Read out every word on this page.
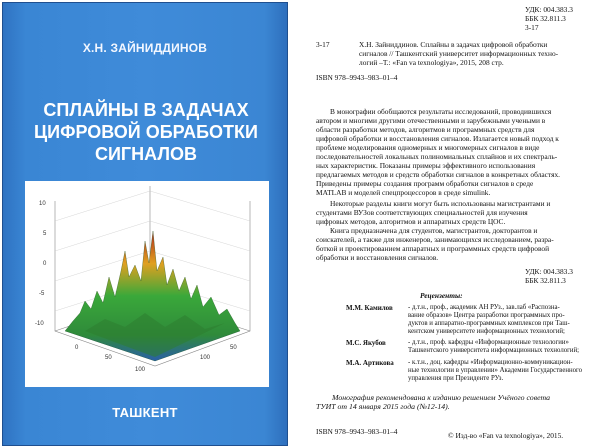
Х.Н. ЗАЙНИДДИНОВ
СПЛАЙНЫ В ЗАДАЧАХ
ЦИФРОВОЙ ОБРАБОТКИ
СИГНАЛОВ
10
5
0
-5
-10
0
50
100
100
50
ТАШКЕНТ
УДК: 004.383.3
ББК 32.811.3
3-17
3-17	Х.Н. Зайниддинов. Сплайны в задачах цифровой обработки
сигналов // Ташкентский университет информационных техно-
логий –Т.: «Fan va texnologiya», 2015, 208 стр.
ISBN 978–9943–983–01–4
В монографии обобщаются результаты исследований, проводившихся
автором и многими другими отечественными и зарубежными учеными в
области разработки методов, алгоритмов и программных средств для
цифровой обработки и восстановления сигналов. Излагается новый подход к
проблеме моделирования одномерных и многомерных сигналов в виде
последовательностей локальных полиномиальных сплайнов и их спектраль-
ных характеристик. Показаны примеры эффективного использования
предлагаемых методов и средств обработки сигналов в конкретных областях.
Приведены примеры создания программ обработки сигналов в среде
MATLAB и моделей спецпроцессоров в среде simulink.
Некоторые разделы книги могут быть использованы магистрантами и
студентами ВУЗов соответствующих специальностей для изучения
цифровых методов, алгоритмов и аппаратных средств ЦОС.
Книга предназначена для студентов, магистрантов, докторантов и
соискателей, а также для инженеров, занимающихся исследованием, разра-
боткой и проектированием аппаратных и программных средств цифровой
обработки и восстановления сигналов.
УДК: 004.383.3
ББК 32.811.3
Рецензенты:
М.М. Камилов - д.т.н., проф., академик АН РУз., зав.лаб «Распозна-
вание образов» Центра разработки программных про-
дуктов и аппаратно-программных комплексов при Таш-
кентском университете информационных технологий;
М.С. Якубов	- д.т.н., проф. кафедры «Информационные технологии»
Ташкентского университета информационных технологий;
М.А. Артикова - к.т.н., доц. кафедры «Информационно-коммуникацион-
ные технологии в управлении» Академии Государственного
управления при Президенте РУз.
Монография рекомендована к изданию решением Учёного совета
ТУИТ от 14 января 2015 года (№12-14).
ISBN 978–9943–983–01–4	© Изд-во «Fan va texnologiya», 2015.
